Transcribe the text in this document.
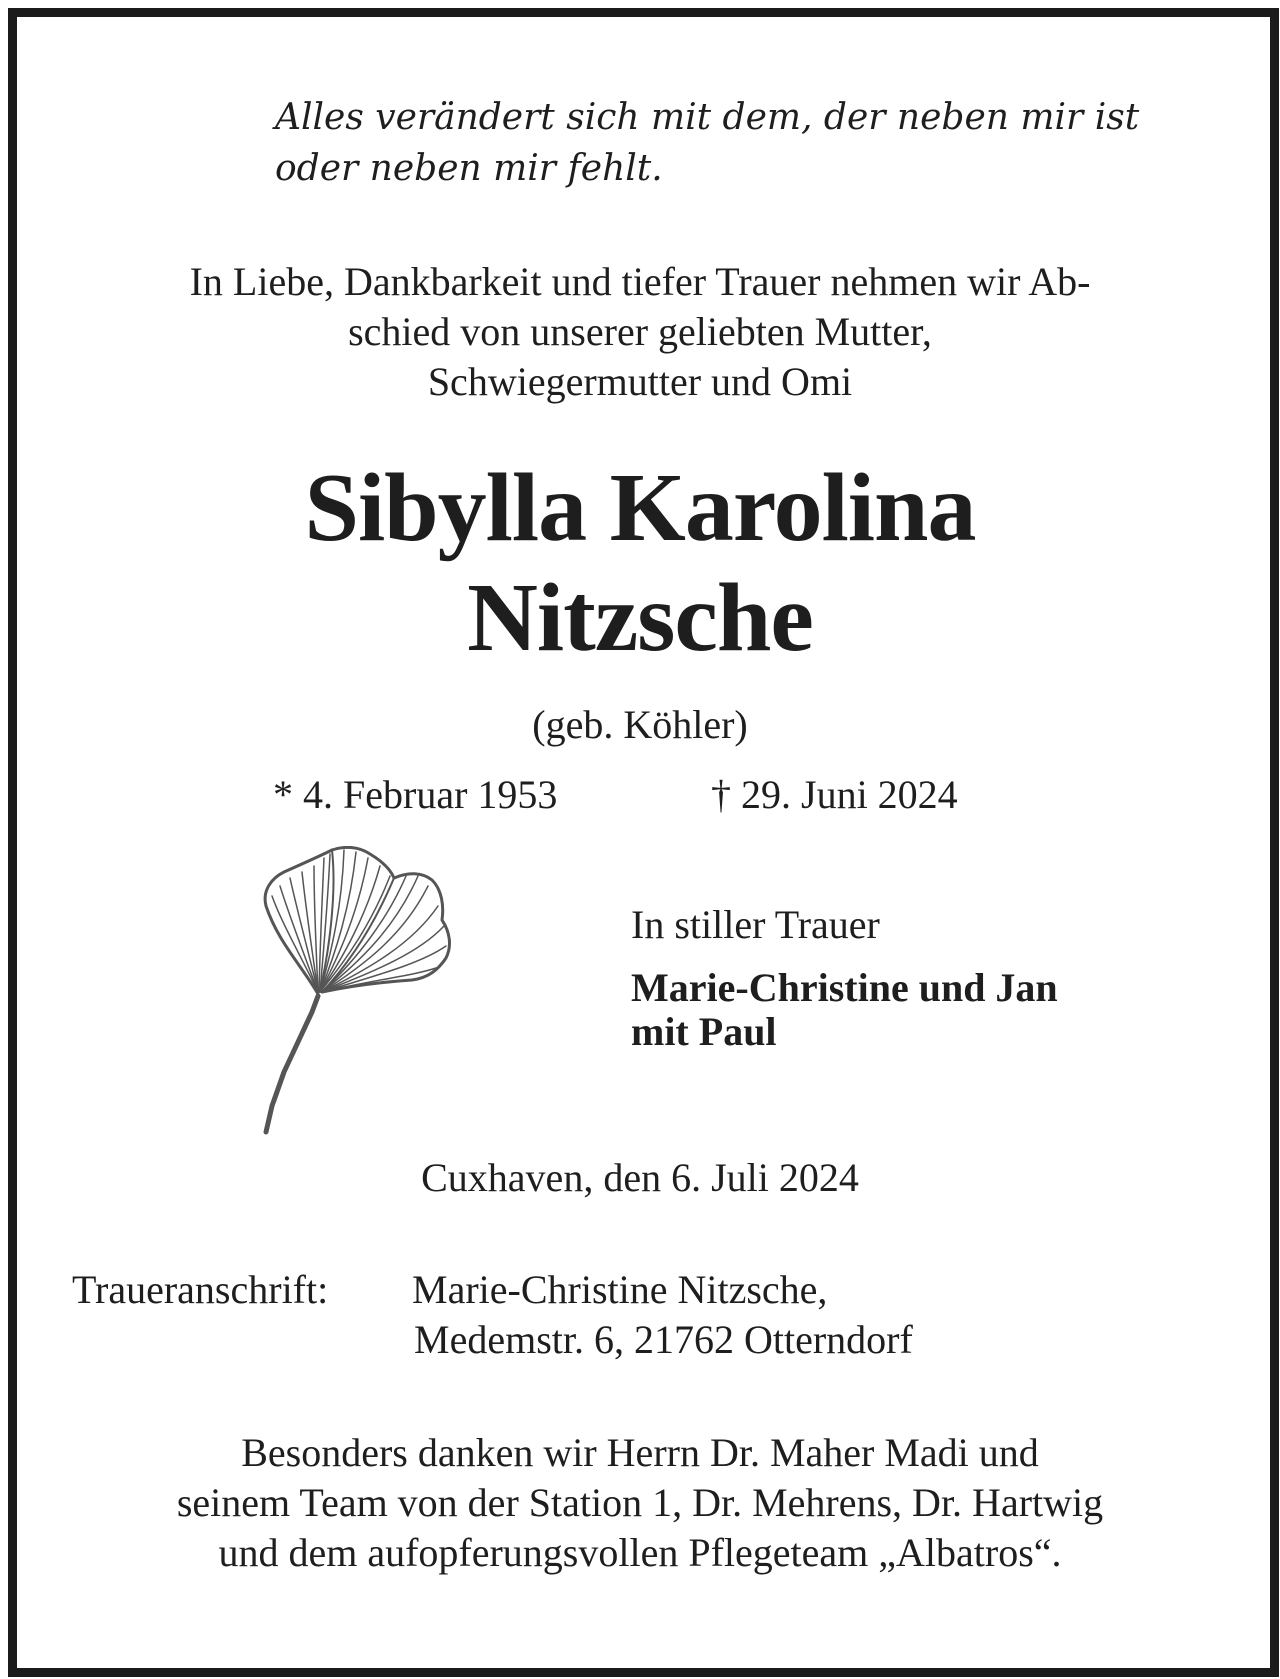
Alles verändert sich mit dem, der neben mir ist
oder neben mir fehlt.
In Liebe, Dankbarkeit und tiefer Trauer nehmen wir Ab-
schied von unserer geliebten Mutter,
Schwiegermutter und Omi
Sibylla Karolina
Nitzsche
(geb. Köhler)
* 4. Februar 1953	† 29. Juni 2024
In stiller Trauer
Marie-Christine und Jan
mit Paul
Cuxhaven, den 6. Juli 2024
Traueranschrift: Marie-Christine Nitzsche,
Medemstr. 6, 21762 Otterndorf
Besonders danken wir Herrn Dr. Maher Madi und
seinem Team von der Station 1, Dr. Mehrens, Dr. Hartwig
und dem aufopferungsvollen Pflegeteam „Albatros“.
